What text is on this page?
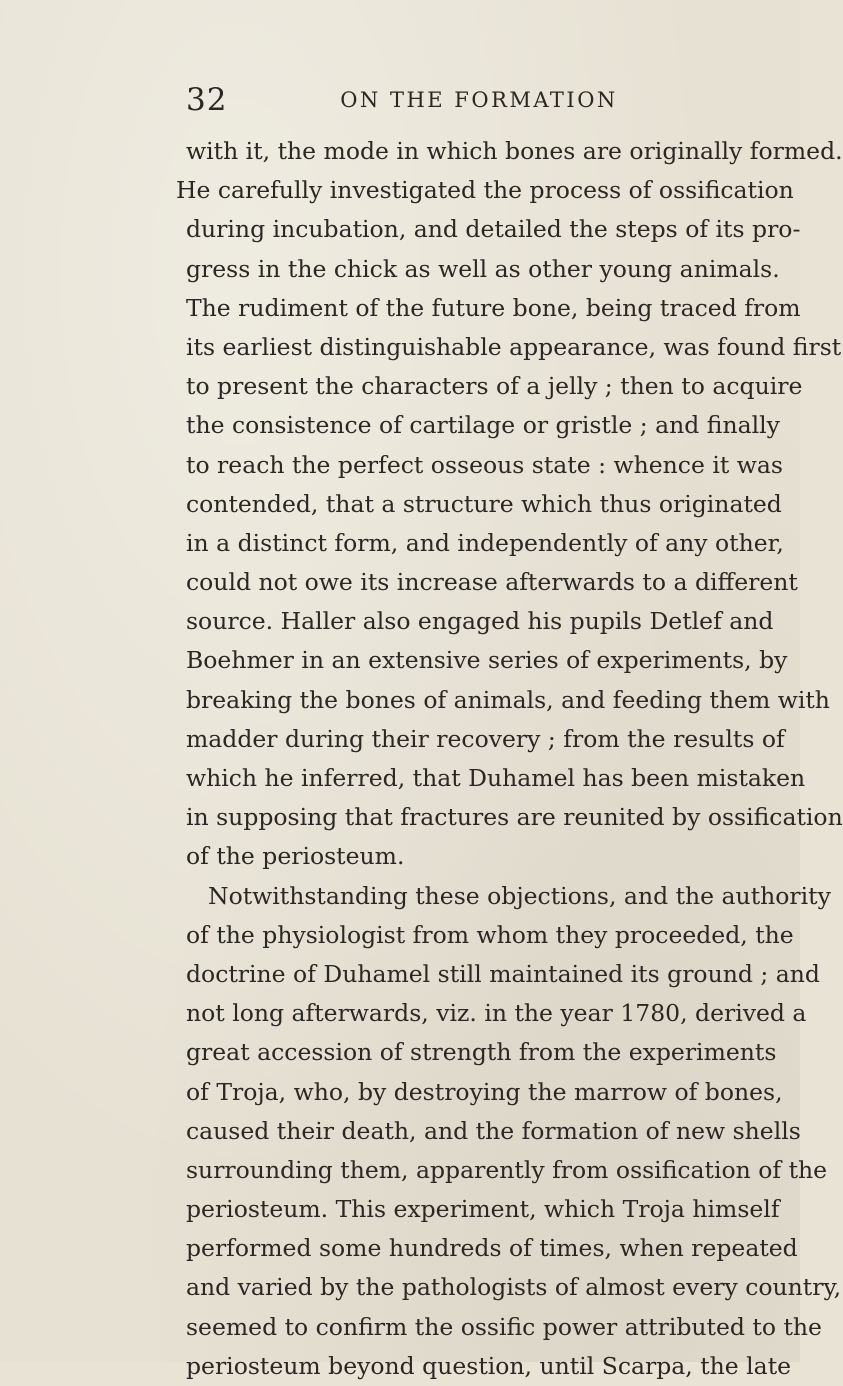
32	ON THE FORMATION
with it, the mode in which bones are originally formed.
He carefully investigated the process of ossification
during incubation, and detailed the steps of its pro-
gress in the chick as well as other young animals.
The rudiment of the future bone, being traced from
its earliest distinguishable appearance, was found first
to present the characters of a jelly ; then to acquire
the consistence of cartilage or gristle ; and finally
to reach the perfect osseous state : whence it was
contended, that a structure which thus originated
in a distinct form, and independently of any other,
could not owe its increase afterwards to a different
source. Haller also engaged his pupils Detlef and
Boehmer in an extensive series of experiments, by
breaking the bones of animals, and feeding them with
madder during their recovery ; from the results of
which he inferred, that Duhamel has been mistaken
in supposing that fractures are reunited by ossification
of the periosteum.
Notwithstanding these objections, and the authority
of the physiologist from whom they proceeded, the
doctrine of Duhamel still maintained its ground ; and
not long afterwards, viz. in the year 1780, derived a
great accession of strength from the experiments
of Troja, who, by destroying the marrow of bones,
caused their death, and the formation of new shells
surrounding them, apparently from ossification of the
periosteum. This experiment, which Troja himself
performed some hundreds of times, when repeated
and varied by the pathologists of almost every country,
seemed to confirm the ossific power attributed to the
periosteum beyond question, until Scarpa, the late
